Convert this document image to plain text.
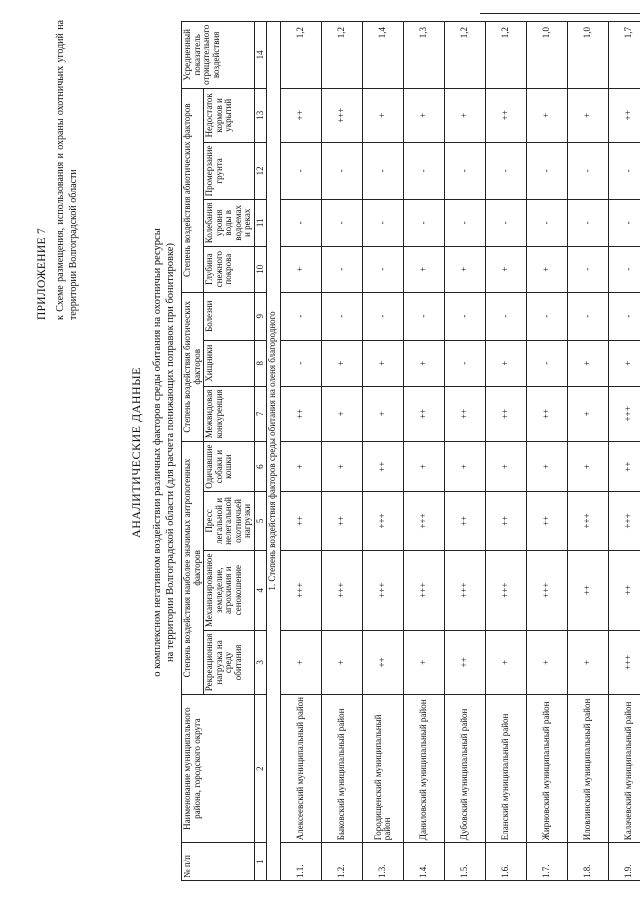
ПРИЛОЖЕНИЕ 7 к Схеме размещения, использования и охраны охотничьих угодий на территории Волгоградской области
АНАЛИТИЧЕСКИЕ ДАННЫЕ о комплексном негативном воздействии различных факторов среды обитания на охотничьи ресурсы на территории Волгоградской области (для расчета понижающих поправок при бонитировке)
№ п/п	Наименование муниципального района, городского округа	Степень воздействия наиболее значимых антропогенных факторов				Степень воздействия биотических факторов			Степень воздействия абиотических факторов				Усредненный показатель отрицательного воздействия
		Рекреационная нагрузка на среду обитания	Механизированное земледелие, агрохимия и сенокошение	Пресс легальной и нелегальной охотничьей нагрузки	Одичавшие собаки и кошки	Межвидовая конкуренция	Хищники	Болезни	Глубина снежного покрова	Колебания уровня воды в водоемах и реках	Промерзание грунта	Недостаток кормов и укрытий	
1	2	3	4	5	6	7	8	9	10	11	12	13	14
1. Степень воздействия факторов среды обитания на оленя благородного													
1.1.	Алексеевский муниципальный район	+	+++	++	+	++	-	-	+	-	-	++	1,2
1.2.	Быковский муниципальный район	+	+++	++	+	+	+	-	-	-	-	+++	1,2
1.3.	Городищенский муниципальный район	++	+++	+++	++	+	+	-	-	-	-	+	1,4
1.4.	Даниловский муниципальный район	+	+++	+++	+	++	+	-	+	-	-	+	1,3
1.5.	Дубовский муниципальный район	++	+++	++	+	++	-	-	+	-	-	+	1,2
1.6.	Еланский муниципальный район	+	+++	++	+	++	+	-	+	-	-	++	1,2
1.7.	Жирновский муниципальный район	+	+++	++	+	++	-	-	+	-	-	+	1,0
1.8.	Иловлинский муниципальный район	+	++	+++	+	+	+	-	-	-	-	+	1,0
1.9.	Калачевский муниципальный район	+++	++	+++	++	+++	+	-	-	-	-	++	1,7
